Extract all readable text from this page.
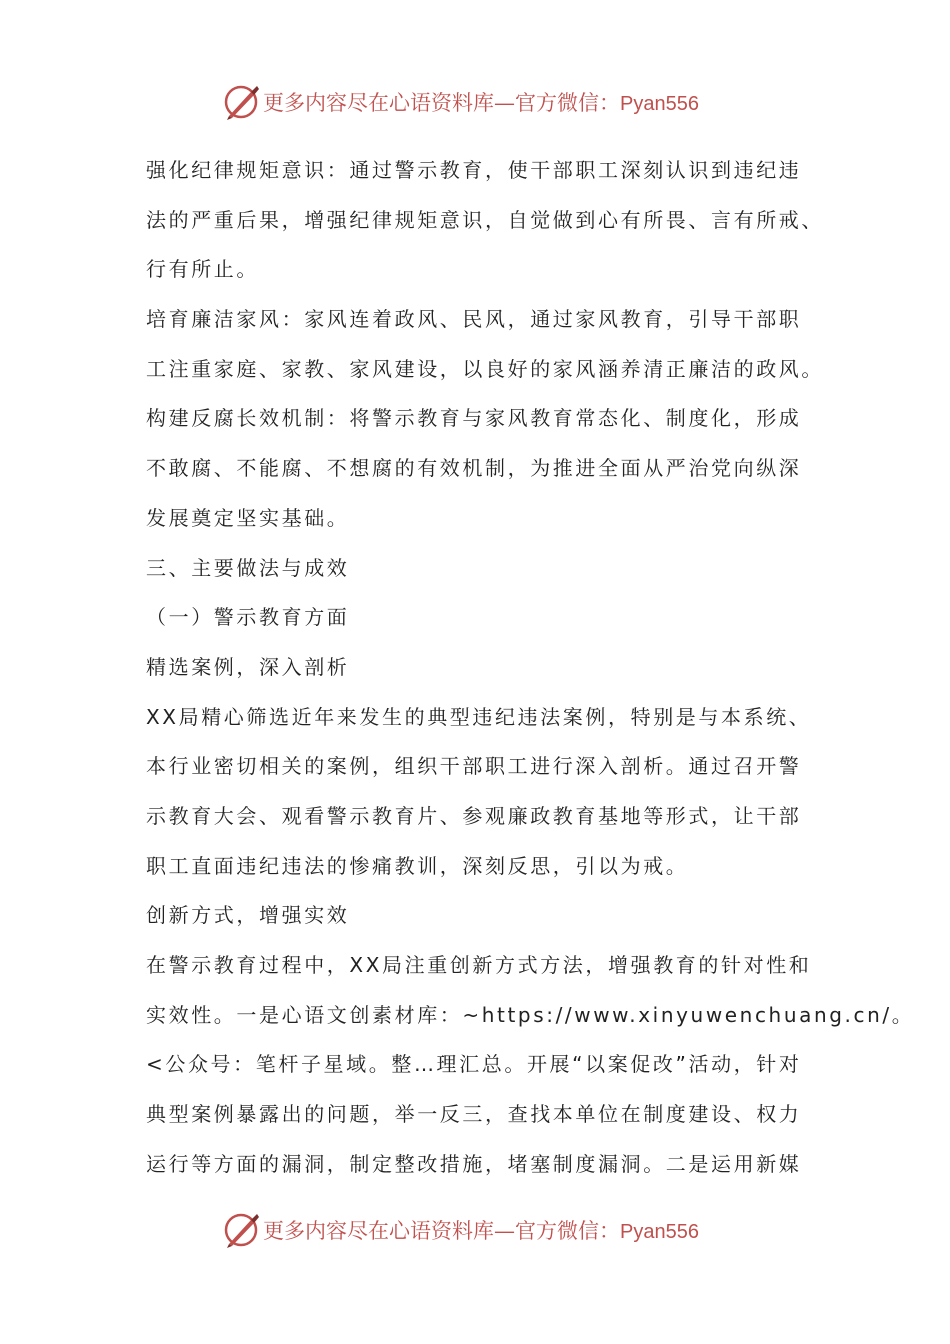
更多内容尽在心语资料库—官方微信：Pyan556
强化纪律规矩意识：通过警示教育，使干部职工深刻认识到违纪违
法的严重后果，增强纪律规矩意识，自觉做到心有所畏、言有所戒、
行有所止。
培育廉洁家风：家风连着政风、民风，通过家风教育，引导干部职
工注重家庭、家教、家风建设，以良好的家风涵养清正廉洁的政风。
构建反腐长效机制：将警示教育与家风教育常态化、制度化，形成
不敢腐、不能腐、不想腐的有效机制，为推进全面从严治党向纵深
发展奠定坚实基础。
三、主要做法与成效
（一）警示教育方面
精选案例，深入剖析
XX局精心筛选近年来发生的典型违纪违法案例，特别是与本系统、
本行业密切相关的案例，组织干部职工进行深入剖析。通过召开警
示教育大会、观看警示教育片、参观廉政教育基地等形式，让干部
职工直面违纪违法的惨痛教训，深刻反思，引以为戒。
创新方式，增强实效
在警示教育过程中，XX局注重创新方式方法，增强教育的针对性和
实效性。一是心语文创素材库：~https://www.xinyuwenchuang.cn/。
<公众号：笔杆子星域。整…理汇总。开展“以案促改”活动，针对
典型案例暴露出的问题，举一反三，查找本单位在制度建设、权力
运行等方面的漏洞，制定整改措施，堵塞制度漏洞。二是运用新媒
更多内容尽在心语资料库—官方微信：Pyan556
